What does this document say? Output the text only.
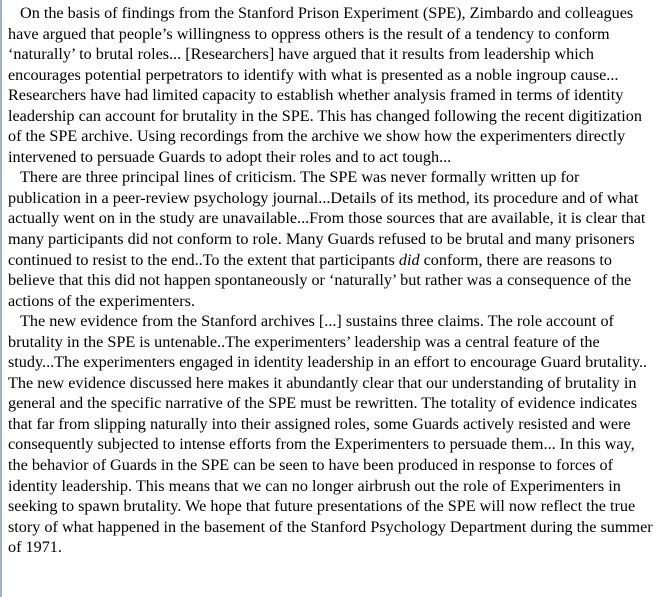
On the basis of findings from the Stanford Prison Experiment (SPE), Zimbardo and colleagues have argued that people’s willingness to oppress others is the result of a tendency to conform ‘naturally’ to brutal roles... [Researchers] have argued that it results from leadership which encourages potential perpetrators to identify with what is presented as a noble ingroup cause... Researchers have had limited capacity to establish whether analysis framed in terms of identity leadership can account for brutality in the SPE. This has changed following the recent digitization of the SPE archive. Using recordings from the archive we show how the experimenters directly intervened to persuade Guards to adopt their roles and to act tough...

There are three principal lines of criticism. The SPE was never formally written up for publication in a peer-review psychology journal...Details of its method, its procedure and of what actually went on in the study are unavailable...From those sources that are available, it is clear that many participants did not conform to role. Many Guards refused to be brutal and many prisoners continued to resist to the end..To the extent that participants did conform, there are reasons to believe that this did not happen spontaneously or ‘naturally’ but rather was a consequence of the actions of the experimenters.

The new evidence from the Stanford archives [...] sustains three claims. The role account of brutality in the SPE is untenable..The experimenters’ leadership was a central feature of the study...The experimenters engaged in identity leadership in an effort to encourage Guard brutality.. The new evidence discussed here makes it abundantly clear that our understanding of brutality in general and the specific narrative of the SPE must be rewritten. The totality of evidence indicates that far from slipping naturally into their assigned roles, some Guards actively resisted and were consequently subjected to intense efforts from the Experimenters to persuade them... In this way, the behavior of Guards in the SPE can be seen to have been produced in response to forces of identity leadership. This means that we can no longer airbrush out the role of Experimenters in seeking to spawn brutality. We hope that future presentations of the SPE will now reflect the true story of what happened in the basement of the Stanford Psychology Department during the summer of 1971.
